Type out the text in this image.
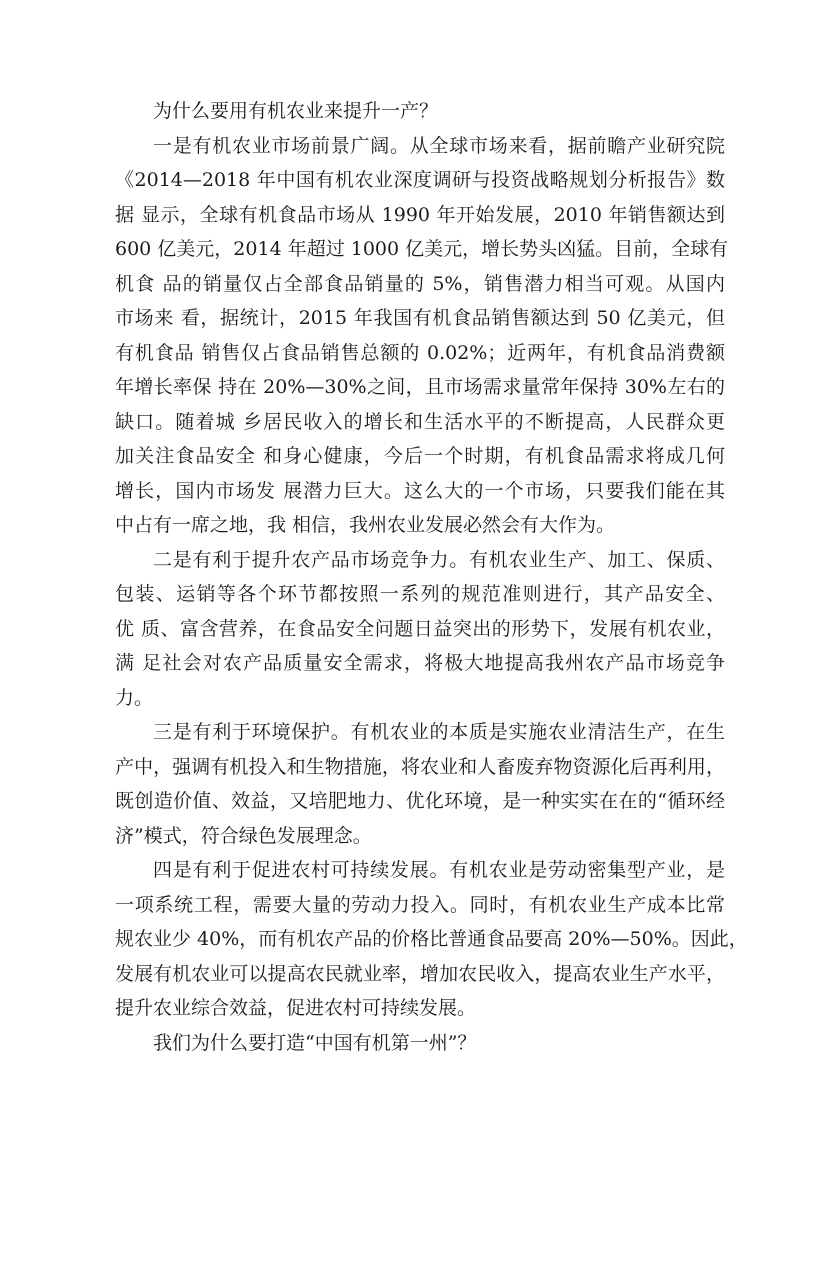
为什么要用有机农业来提升一产？
一是有机农业市场前景广阔。从全球市场来看，据前瞻产业研究院
《2014—2018 年中国有机农业深度调研与投资战略规划分析报告》数
据 显示，全球有机食品市场从 1990 年开始发展，2010 年销售额达到
600 亿美元，2014 年超过 1000 亿美元，增长势头凶猛。目前，全球有
机食 品的销量仅占全部食品销量的 5%，销售潜力相当可观。从国内
市场来 看，据统计，2015 年我国有机食品销售额达到 50 亿美元，但
有机食品 销售仅占食品销售总额的 0.02%；近两年，有机食品消费额
年增长率保 持在 20%—30%之间，且市场需求量常年保持 30%左右的
缺口。随着城 乡居民收入的增长和生活水平的不断提高，人民群众更
加关注食品安全 和身心健康，今后一个时期，有机食品需求将成几何
增长，国内市场发 展潜力巨大。这么大的一个市场，只要我们能在其
中占有一席之地，我 相信，我州农业发展必然会有大作为。
二是有利于提升农产品市场竞争力。有机农业生产、加工、保质、
包装、运销等各个环节都按照一系列的规范准则进行，其产品安全、
优 质、富含营养，在食品安全问题日益突出的形势下，发展有机农业，
满 足社会对农产品质量安全需求，将极大地提高我州农产品市场竞争
力。
三是有利于环境保护。有机农业的本质是实施农业清洁生产，在生
产中，强调有机投入和生物措施，将农业和人畜废弃物资源化后再利用，
既创造价值、效益，又培肥地力、优化环境，是一种实实在在的“循环经
济”模式，符合绿色发展理念。
四是有利于促进农村可持续发展。有机农业是劳动密集型产业，是
一项系统工程，需要大量的劳动力投入。同时，有机农业生产成本比常
规农业少 40%，而有机农产品的价格比普通食品要高 20%—50%。因此，
发展有机农业可以提高农民就业率，增加农民收入，提高农业生产水平，
提升农业综合效益，促进农村可持续发展。
我们为什么要打造“中国有机第一州”？
